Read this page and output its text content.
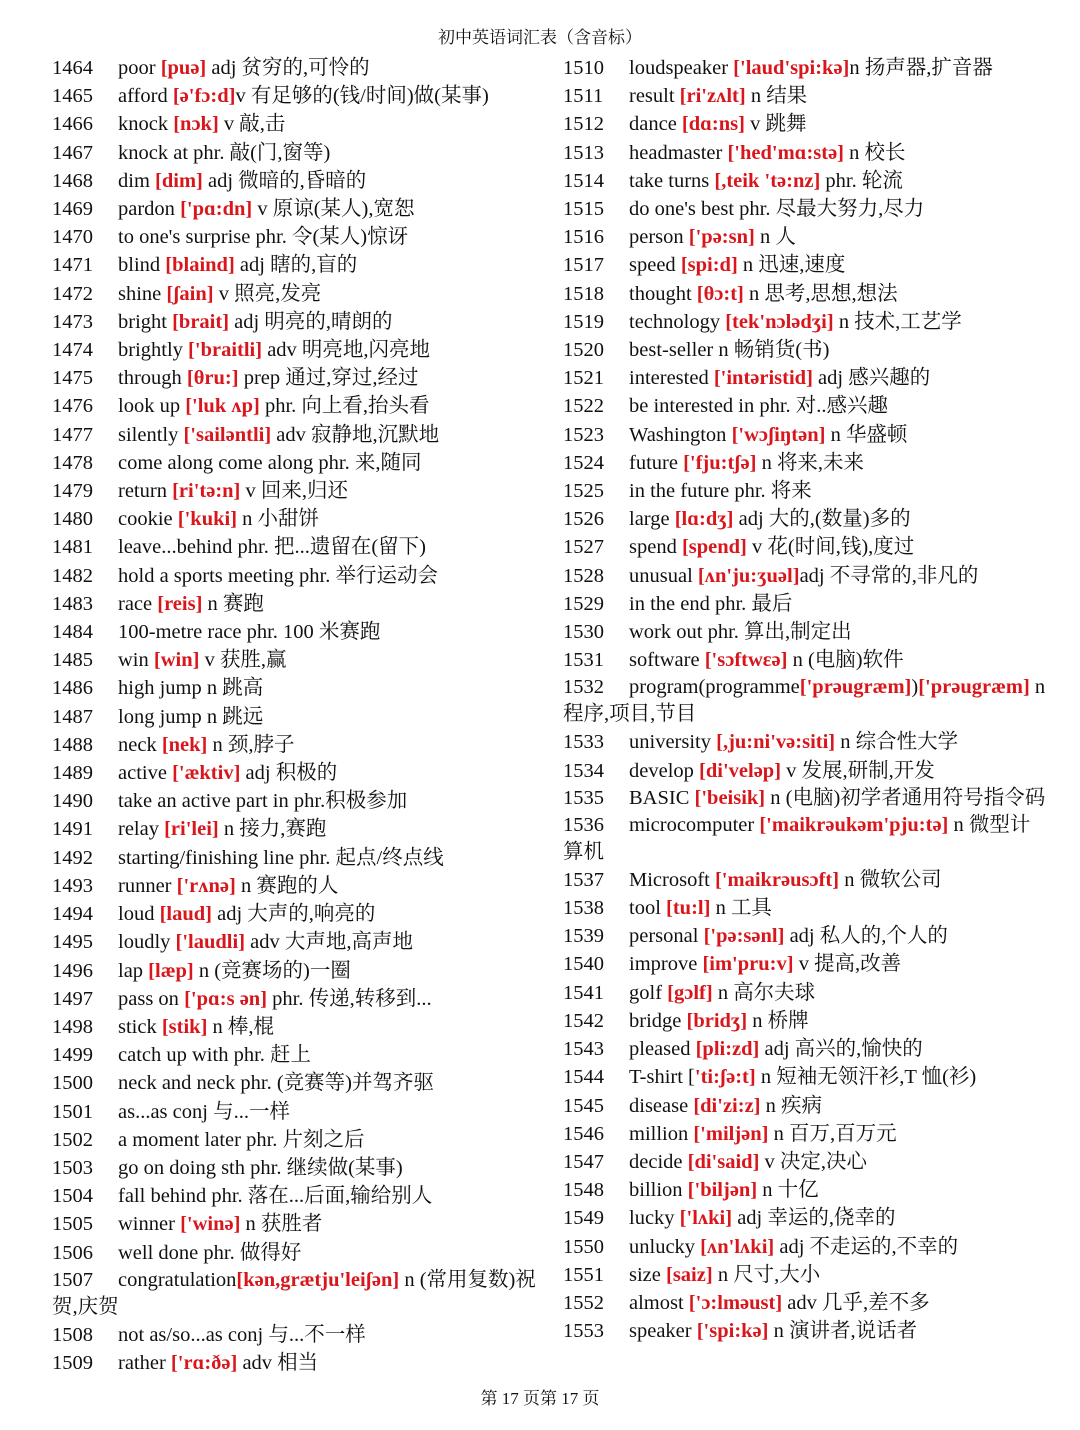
初中英语词汇表（含音标）
1464 poor [puə] adj 贫穷的,可怜的
1465 afford [ə'fɔ:d]v 有足够的(钱/时间)做(某事)
1466 knock [nɔk] v 敲,击
1467 knock at phr. 敲(门,窗等)
1468 dim [dim] adj 微暗的,昏暗的
1469 pardon ['pɑ:dn] v 原谅(某人),宽恕
1470 to one's surprise phr. 令(某人)惊讶
1471 blind [blaind] adj 瞎的,盲的
1472 shine [ʃain] v 照亮,发亮
1473 bright [brait] adj 明亮的,晴朗的
1474 brightly ['braitli] adv 明亮地,闪亮地
1475 through [θru:] prep 通过,穿过,经过
1476 look up ['luk ʌp] phr. 向上看,抬头看
1477 silently ['sailəntli] adv 寂静地,沉默地
1478 come along come along phr. 来,随同
1479 return [ri'tə:n] v 回来,归还
1480 cookie ['kuki] n 小甜饼
1481 leave...behind phr. 把...遗留在(留下)
1482 hold a sports meeting phr. 举行运动会
1483 race [reis] n 赛跑
1484 100-metre race phr. 100 米赛跑
1485 win [win] v 获胜,赢
1486 high jump n 跳高
1487 long jump n 跳远
1488 neck [nek] n 颈,脖子
1489 active ['æktiv] adj 积极的
1490 take an active part in phr.积极参加
1491 relay [ri'lei] n 接力,赛跑
1492 starting/finishing line phr. 起点/终点线
1493 runner ['rʌnə] n 赛跑的人
1494 loud [laud] adj 大声的,响亮的
1495 loudly ['laudli] adv 大声地,高声地
1496 lap [læp] n (竞赛场的)一圈
1497 pass on ['pɑ:s ən] phr. 传递,转移到...
1498 stick [stik] n 棒,棍
1499 catch up with phr. 赶上
1500 neck and neck phr. (竞赛等)并驾齐驱
1501 as...as conj 与...一样
1502 a moment later phr. 片刻之后
1503 go on doing sth phr. 继续做(某事)
1504 fall behind phr. 落在...后面,输给别人
1505 winner ['winə] n 获胜者
1506 well done phr. 做得好
1507 congratulation[kən,grætju'leiʃən] n (常用复数)祝贺,庆贺
1508 not as/so...as conj 与...不一样
1509 rather ['rɑ:ðə] adv 相当
1510 loudspeaker ['laud'spi:kə]n 扬声器,扩音器
1511 result [ri'zʌlt] n 结果
1512 dance [dɑ:ns] v 跳舞
1513 headmaster ['hed'mɑ:stə] n 校长
1514 take turns [,teik 'tə:nz] phr. 轮流
1515 do one's best phr. 尽最大努力,尽力
1516 person ['pə:sn] n 人
1517 speed [spi:d] n 迅速,速度
1518 thought [θɔ:t] n 思考,思想,想法
1519 technology [tek'nɔlədʒi] n 技术,工艺学
1520 best-seller n 畅销货(书)
1521 interested ['intəristid] adj 感兴趣的
1522 be interested in phr. 对..感兴趣
1523 Washington ['wɔʃiŋtən] n 华盛顿
1524 future ['fju:tʃə] n 将来,未来
1525 in the future phr. 将来
1526 large [lɑ:dʒ] adj 大的,(数量)多的
1527 spend [spend] v 花(时间,钱),度过
1528 unusual [ʌn'ju:ʒuəl]adj 不寻常的,非凡的
1529 in the end phr. 最后
1530 work out phr. 算出,制定出
1531 software ['sɔftwεə] n (电脑)软件
1532 program(programme['prəugræm])['prəugræm] n 程序,项目,节目
1533 university [,ju:ni'və:siti] n 综合性大学
1534 develop [di'veləp] v 发展,研制,开发
1535 BASIC ['beisik] n (电脑)初学者通用符号指令码
1536 microcomputer ['maikrəukəm'pju:tə] n 微型计算机
1537 Microsoft ['maikrəusɔft] n 微软公司
1538 tool [tu:l] n 工具
1539 personal ['pə:sənl] adj 私人的,个人的
1540 improve [im'pru:v] v 提高,改善
1541 golf [gɔlf] n 高尔夫球
1542 bridge [bridʒ] n 桥牌
1543 pleased [pli:zd] adj 高兴的,愉快的
1544 T-shirt ['ti:ʃə:t] n 短袖无领汗衫,T 恤(衫)
1545 disease [di'zi:z] n 疾病
1546 million ['miljən] n 百万,百万元
1547 decide [di'said] v 决定,决心
1548 billion ['biljən] n 十亿
1549 lucky ['lʌki] adj 幸运的,侥幸的
1550 unlucky [ʌn'lʌki] adj 不走运的,不幸的
1551 size [saiz] n 尺寸,大小
1552 almost ['ɔ:lməust] adv 几乎,差不多
1553 speaker ['spi:kə] n 演讲者,说话者
第 17 页第 17 页
